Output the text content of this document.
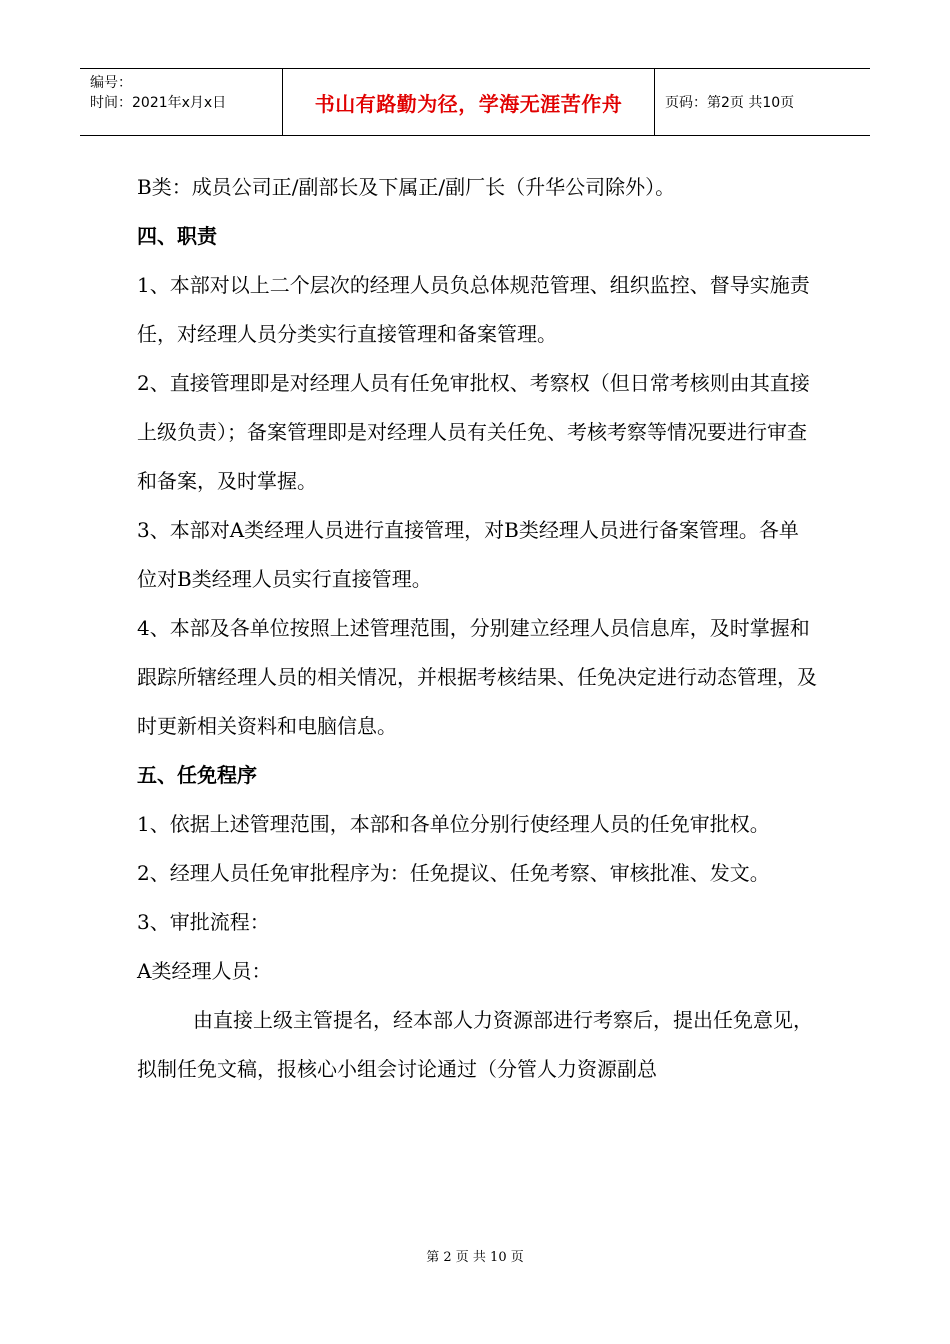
编号：
时间：2021年x月x日	书山有路勤为径，学海无涯苦作舟	页码：第2页 共10页

B类：成员公司正/副部长及下属正/副厂长（升华公司除外）。

四、职责

1、本部对以上二个层次的经理人员负总体规范管理、组织监控、督导实施责任，对经理人员分类实行直接管理和备案管理。

2、直接管理即是对经理人员有任免审批权、考察权（但日常考核则由其直接上级负责）；备案管理即是对经理人员有关任免、考核考察等情况要进行审查和备案，及时掌握。

3、本部对A类经理人员进行直接管理，对B类经理人员进行备案管理。各单位对B类经理人员实行直接管理。

4、本部及各单位按照上述管理范围，分别建立经理人员信息库，及时掌握和跟踪所辖经理人员的相关情况，并根据考核结果、任免决定进行动态管理，及时更新相关资料和电脑信息。

五、任免程序

1、依据上述管理范围，本部和各单位分别行使经理人员的任免审批权。

2、经理人员任免审批程序为：任免提议、任免考察、审核批准、发文。

3、审批流程：

A类经理人员：

由直接上级主管提名，经本部人力资源部进行考察后，提出任免意见，拟制任免文稿，报核心小组会讨论通过（分管人力资源副总

第 2 页 共 10 页
